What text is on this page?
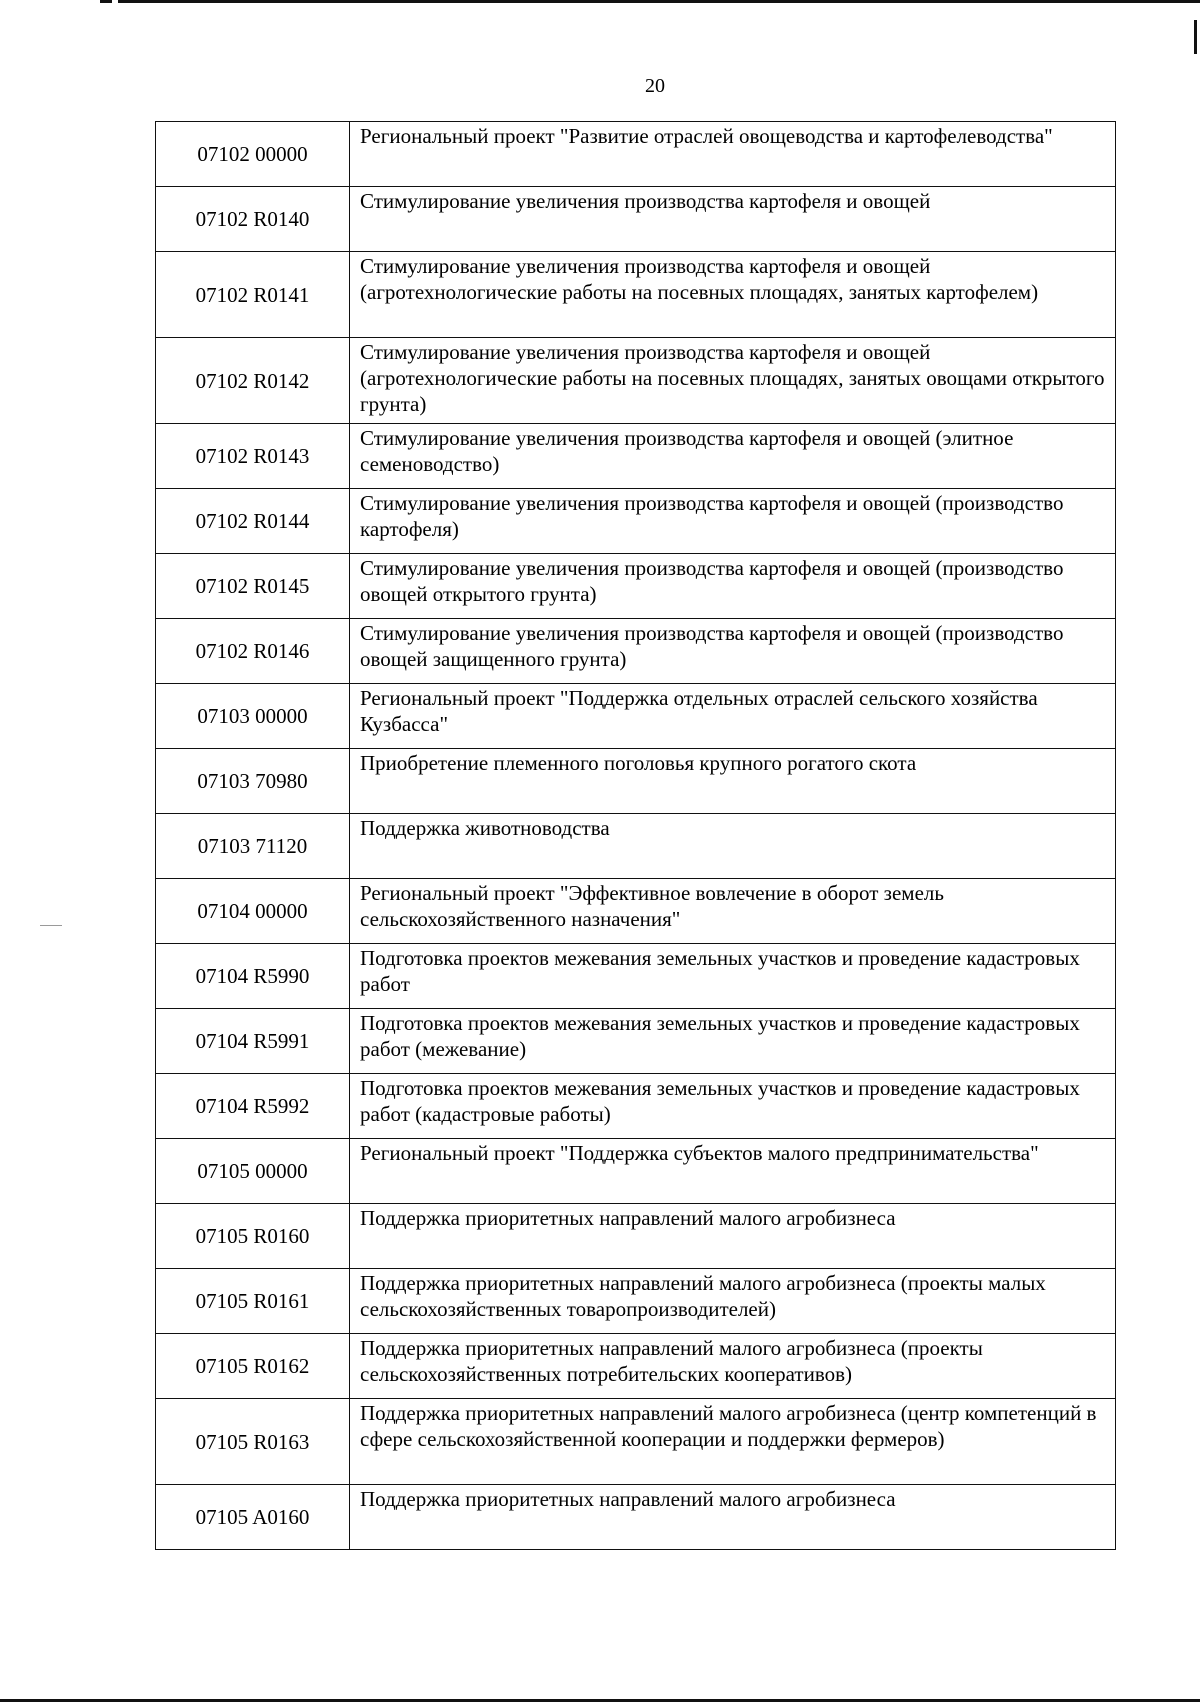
20
07102 00000	Региональный проект "Развитие отраслей овощеводства и картофелеводства"
07102 R0140	Стимулирование увеличения производства картофеля и овощей
07102 R0141	Стимулирование увеличения производства картофеля и овощей (агротехнологические работы на посевных площадях, занятых картофелем)
07102 R0142	Стимулирование увеличения производства картофеля и овощей (агротехнологические работы на посевных площадях, занятых овощами открытого грунта)
07102 R0143	Стимулирование увеличения производства картофеля и овощей (элитное семеноводство)
07102 R0144	Стимулирование увеличения производства картофеля и овощей (производство картофеля)
07102 R0145	Стимулирование увеличения производства картофеля и овощей (производство овощей открытого грунта)
07102 R0146	Стимулирование увеличения производства картофеля и овощей (производство овощей защищенного грунта)
07103 00000	Региональный проект "Поддержка отдельных отраслей сельского хозяйства Кузбасса"
07103 70980	Приобретение племенного поголовья крупного рогатого скота
07103 71120	Поддержка животноводства
07104 00000	Региональный проект "Эффективное вовлечение в оборот земель сельскохозяйственного назначения"
07104 R5990	Подготовка проектов межевания земельных участков и проведение кадастровых работ
07104 R5991	Подготовка проектов межевания земельных участков и проведение кадастровых работ (межевание)
07104 R5992	Подготовка проектов межевания земельных участков и проведение кадастровых работ (кадастровые работы)
07105 00000	Региональный проект "Поддержка субъектов малого предпринимательства"
07105 R0160	Поддержка приоритетных направлений малого агробизнеса
07105 R0161	Поддержка приоритетных направлений малого агробизнеса (проекты малых сельскохозяйственных товаропроизводителей)
07105 R0162	Поддержка приоритетных направлений малого агробизнеса (проекты сельскохозяйственных потребительских кооперативов)
07105 R0163	Поддержка приоритетных направлений малого агробизнеса (центр компетенций в сфере сельскохозяйственной кооперации и поддержки фермеров)
07105 A0160	Поддержка приоритетных направлений малого агробизнеса
